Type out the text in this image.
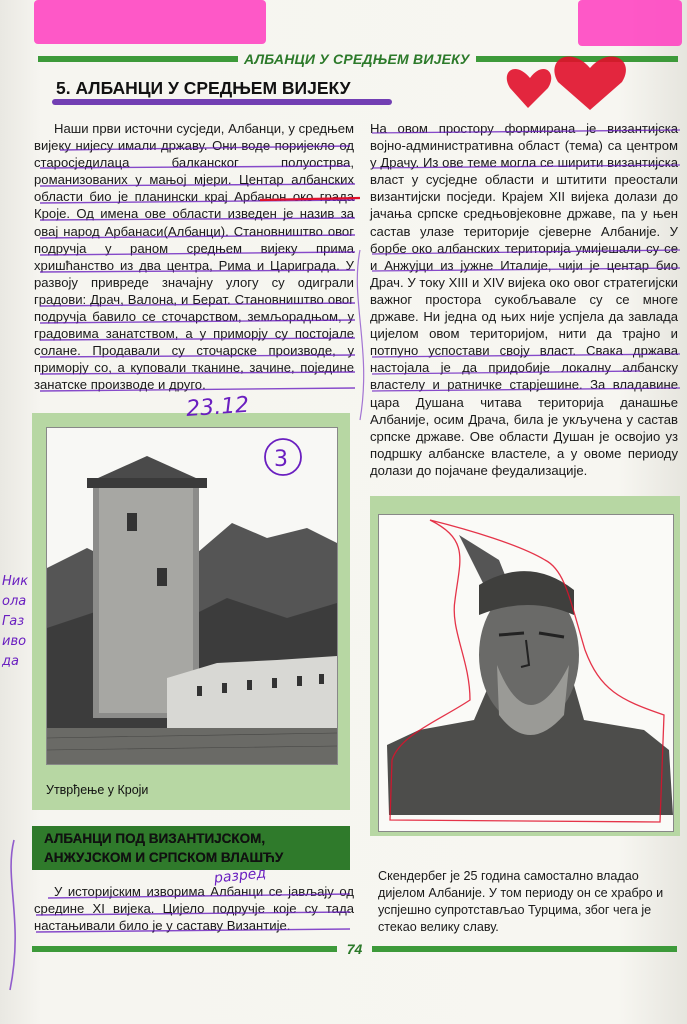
АЛБАНЦИ У СРЕДЊЕМ ВИЈЕКУ
5. АЛБАНЦИ У СРЕДЊЕМ ВИЈЕКУ

Наши први источни сусједи, Албанци, у средњем вијеку нијесу имали државу. Они воде поријекло од старосједилаца балканског полуострва, романизованих у мањој мјери. Центар албанских области био је планински крај Арбанон око града Кроје. Од имена ове области изведен је назив за овај народ Арбанаси(Албанци). Становништво овог подручја у раном средњем вијеку прима хришћанство из два центра, Рима и Цариграда. У развоју привреде значајну улогу су одиграли градови: Драч, Валона, и Берат. Становништво овог подручја бавило се сточарством, земљорадњом, у градовима занатством, а у приморју су постојале солане. Продавали су сточарске производе, у приморју со, а куповали тканине, зачине, поједине занатске производе и друго.

На овом простору формирана је византијска војно-административна област (тема) са центром у Драчу. Из ове теме могла се ширити византијска власт у сусједне области и штитити преостали византијски посједи. Крајем XII вијека долази до јачања српске средњовјековне државе, па у њен састав улазе територије сјеверне Албаније. У борбе око албанских територија умијешали су се и Анжујци из јужне Италије, чији је центар био Драч. У току XIII и XIV вијека око овог стратегијски важног простора сукобљавале су се многе државе. Ни једна од њих није успјела да завлада цијелом овом територијом, нити да трајно и потпуно успостави своју власт. Свака држава настојала је да придобије локалну албанску властелу и ратничке старјешине. За владавине цара Душана читава територија данашње Албаније, осим Драча, била је укључена у састав српске државе. Ове области Душан је освојио уз подршку албанске властеле, а у овоме периоду долази до појачане феудализације.

Утврђење у Кроји
Скендербег је 25 година самостално владао дијелом Албаније. У том периоду он се храбро и успјешно супротстављао Турцима, због чега је стекао велику славу.
АЛБАНЦИ ПОД ВИЗАНТИЈСКОМ, АНЖУЈСКОМ И СРПСКОМ ВЛАШЋУ
У историјским изворима Албанци се јављају од средине XI вијека. Цијело подручје које су тада настањивали било је у саставу Византије.
74
23.12
3
Ник ола Газ иво да
разред
